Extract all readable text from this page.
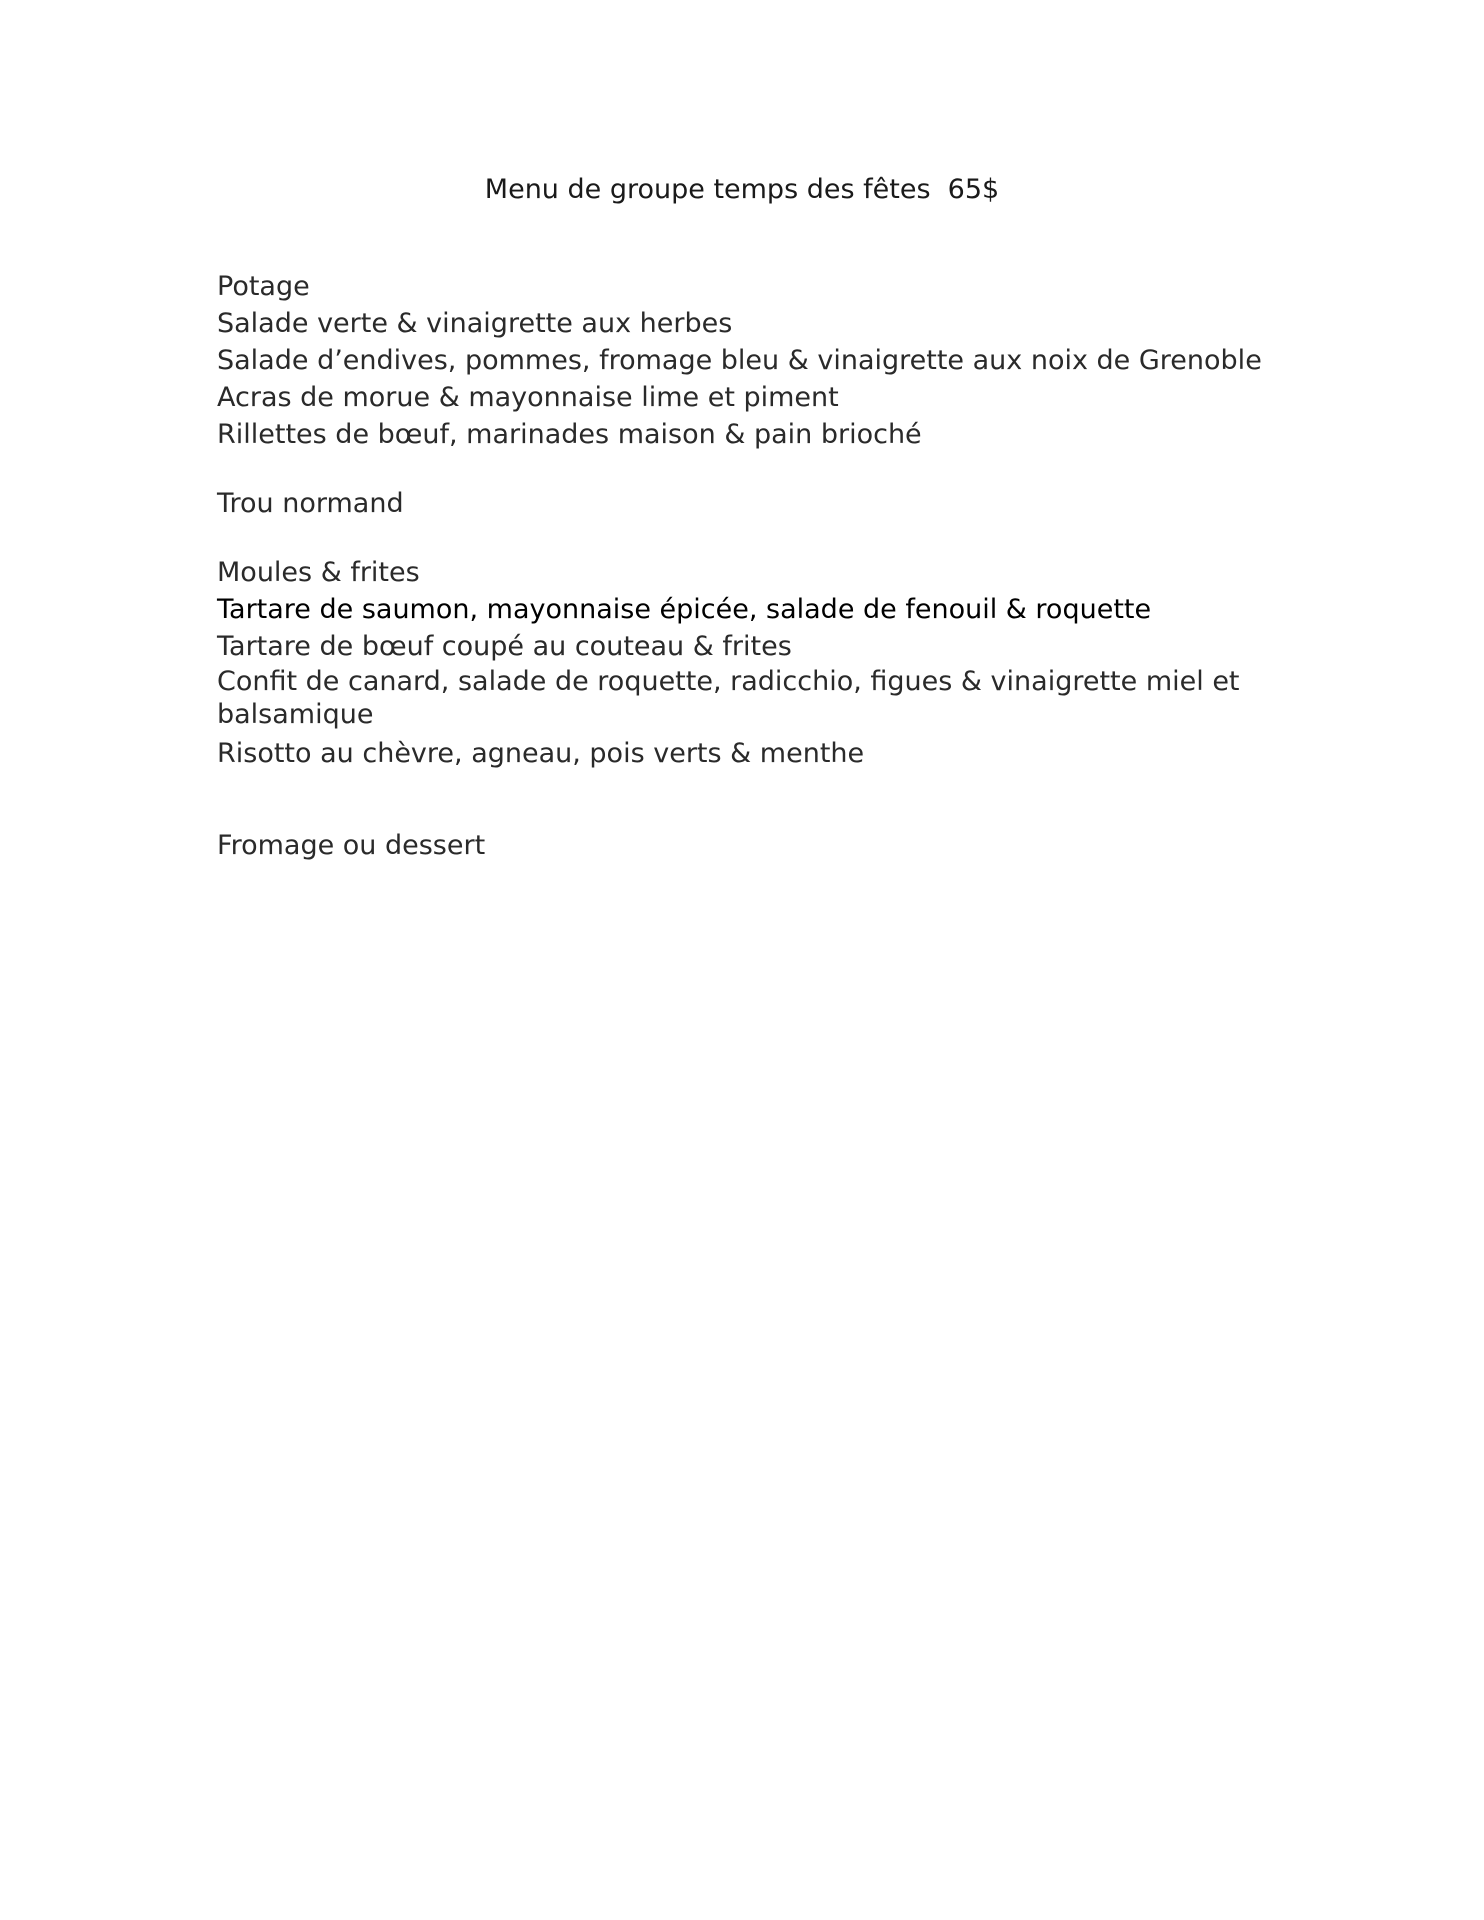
Menu de groupe temps des fêtes  65$
Potage
Salade verte & vinaigrette aux herbes
Salade d’endives, pommes, fromage bleu & vinaigrette aux noix de Grenoble
Acras de morue & mayonnaise lime et piment
Rillettes de bœuf, marinades maison & pain brioché
Trou normand
Moules & frites
Tartare de saumon, mayonnaise épicée, salade de fenouil & roquette
Tartare de bœuf coupé au couteau & frites
Confit de canard, salade de roquette, radicchio, figues & vinaigrette miel et balsamique
Risotto au chèvre, agneau, pois verts & menthe
Fromage ou dessert
